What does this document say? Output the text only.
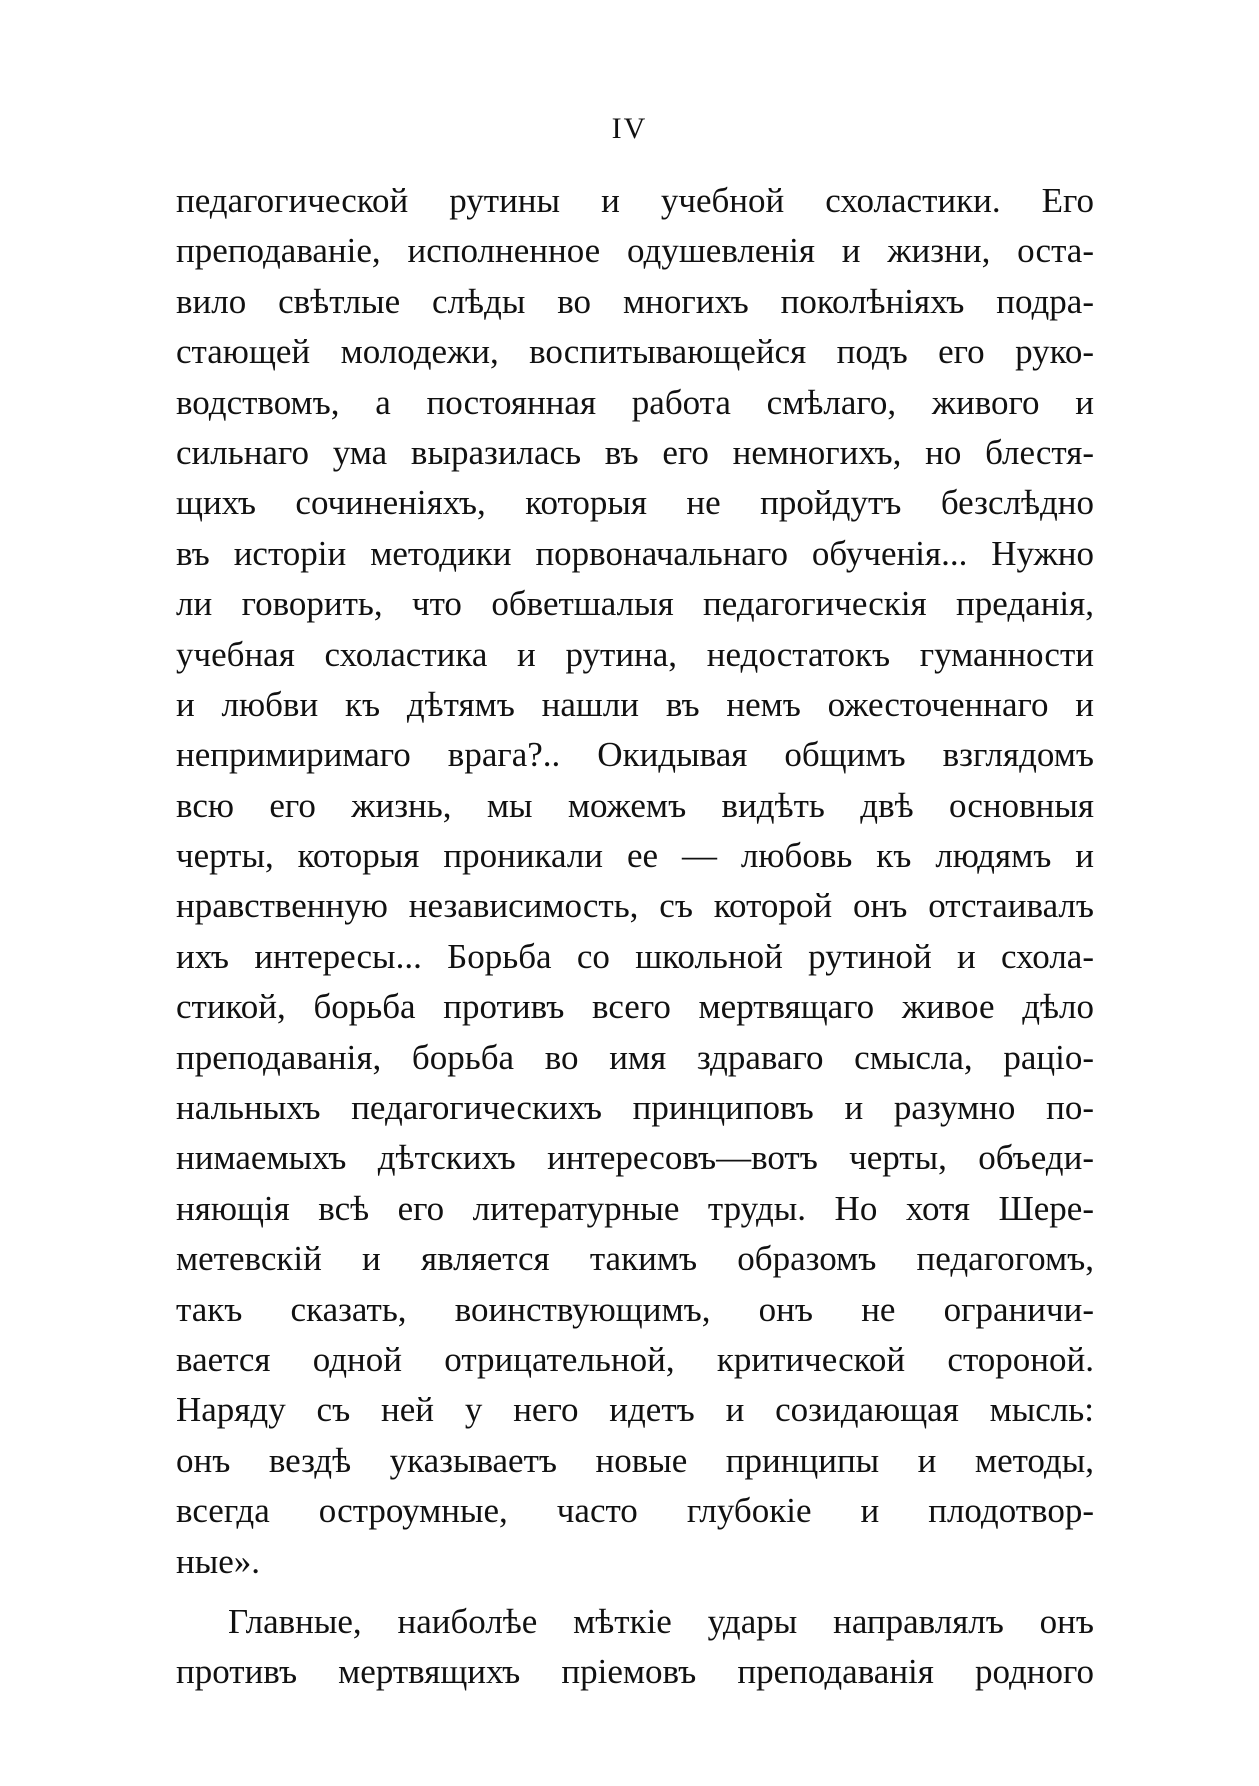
IV
педагогической рутины и учебной схоластики. Его
преподаванiе, исполненное одушевленiя и жизни, оста-
вило свѣтлые слѣды во многихъ поколѣнiяхъ подра-
стающей молодежи, воспитывающейся подъ его руко-
водствомъ, а постоянная работа смѣлаго, живого и
сильнаго ума выразилась въ его немногихъ, но блестя-
щихъ сочиненiяхъ, которыя не пройдутъ безслѣдно
въ исторiи методики порвоначальнаго обученiя... Нужно
ли говорить, что обветшалыя педагогическiя преданiя,
учебная схоластика и рутина, недостатокъ гуманности
и любви къ дѣтямъ нашли въ немъ ожесточеннаго и
непримиримаго врага?.. Окидывая общимъ взглядомъ
всю его жизнь, мы можемъ видѣть двѣ основныя
черты, которыя проникали ее — любовь къ людямъ и
нравственную независимость, съ которой онъ отстаивалъ
ихъ интересы... Борьба со школьной рутиной и схола-
стикой, борьба противъ всего мертвящаго живое дѣло
преподаванiя, борьба во имя здраваго смысла, рацiо-
нальныхъ педагогическихъ принциповъ и разумно по-
нимаемыхъ дѣтскихъ интересовъ—вотъ черты, объеди-
няющiя всѣ его литературные труды. Но хотя Шере-
метевскiй и является такимъ образомъ педагогомъ,
такъ сказать, воинствующимъ, онъ не ограничи-
вается одной отрицательной, критической стороной.
Наряду съ ней у него идетъ и созидающая мысль:
онъ вездѣ указываетъ новые принципы и методы,
всегда остроумные, часто глубокiе и плодотвор-
ные».
Главные, наиболѣе мѣткiе удары направлялъ онъ
противъ мертвящихъ прiемовъ преподаванiя родного
